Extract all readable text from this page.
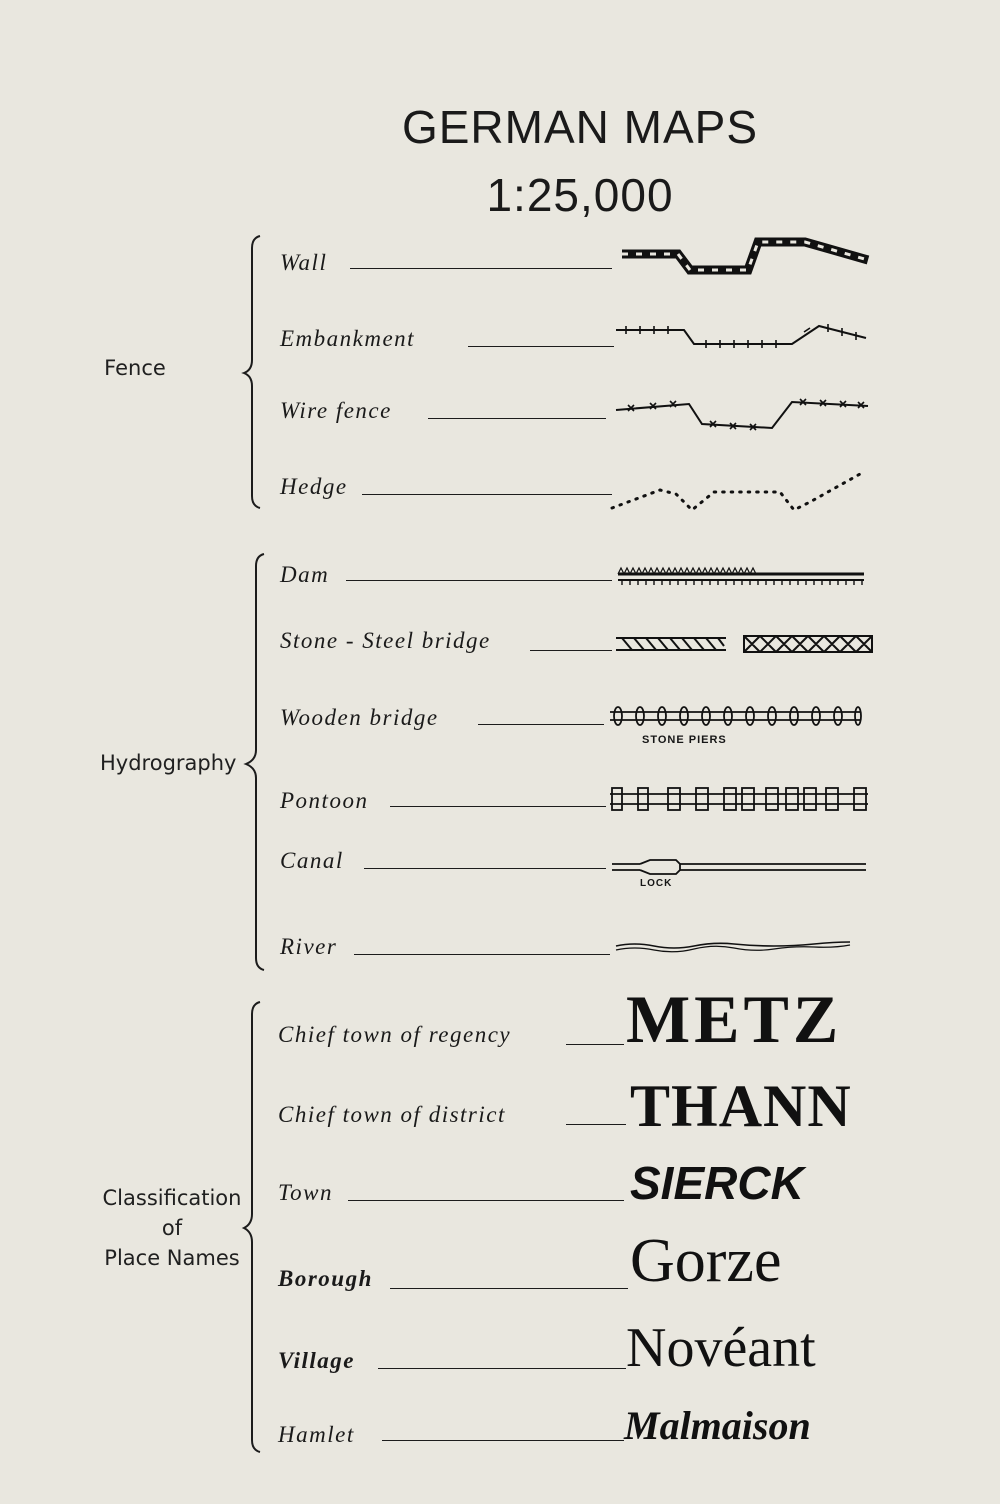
GERMAN MAPS
1:25,000
Fence
Wall
Embankment
Wire fence
Hedge
Hydrography
Dam
Stone - Steel bridge
Wooden bridge
STONE PIERS
Pontoon
Canal
LOCK
River
Classification
of
Place Names
Chief town of regency METZ
Chief town of district THANN
Town	SIERCK
Borough	Gorze
Village	Novéant
Hamlet	Malmaison
